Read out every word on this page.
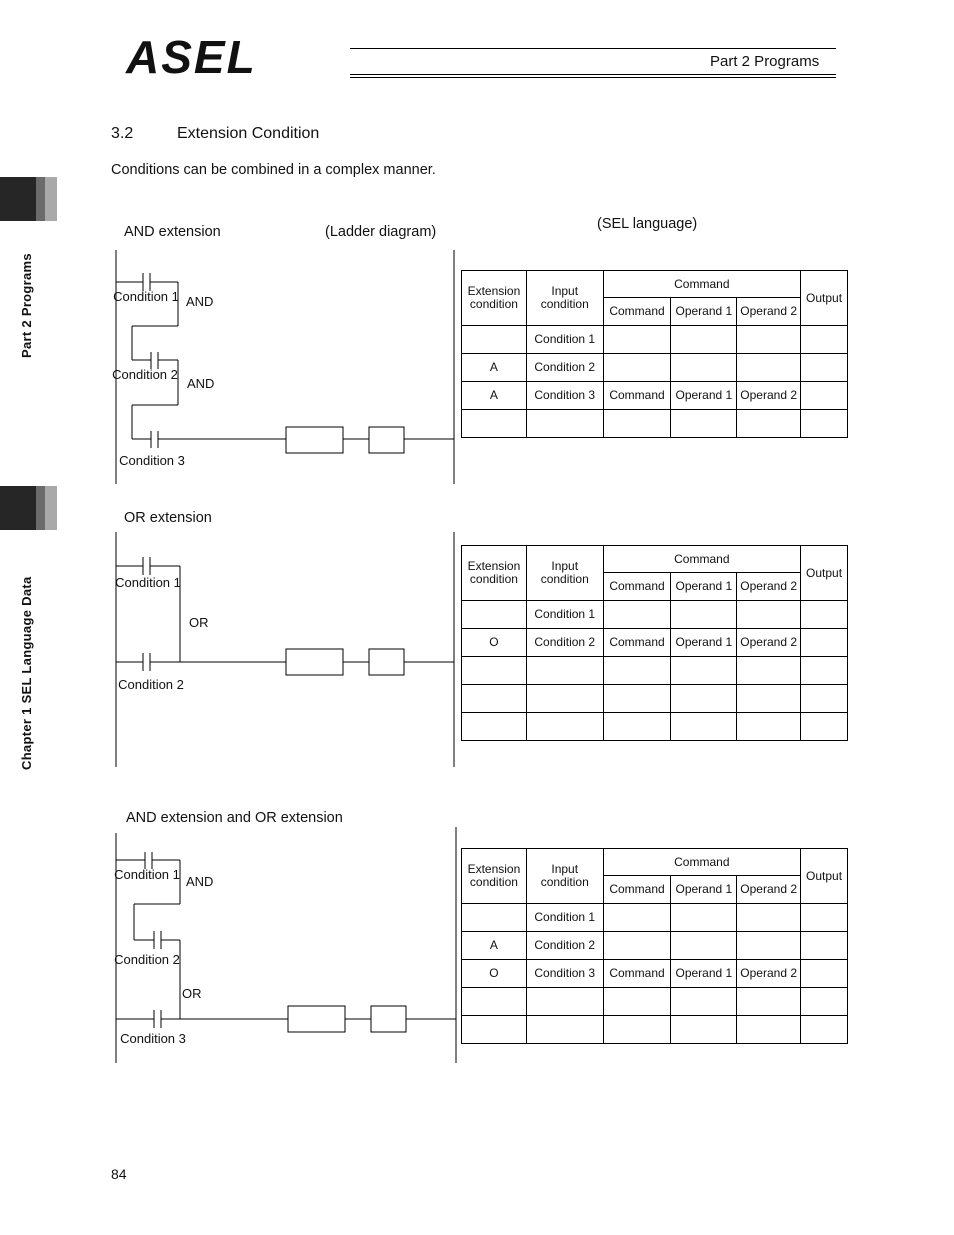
ASEL	Part 2 Programs
Part 2 Programs
Chapter 1 SEL Language Data
3.2	Extension Condition
Conditions can be combined in a complex manner.
(Ladder diagram)	(SEL language)
AND extension
Condition 1 AND
Condition 2
AND
Condition 3
OR extension
Condition 1
OR
Condition 2
AND extension and OR extension
Condition 1 AND
Condition 2
OR
Condition 3
Extension condition	Input condition	Command			Output
		Command	Operand 1	Operand 2	
	Condition 1				
A	Condition 2				
A	Condition 3	Command	Operand 1	Operand 2	

Extension condition	Input condition	Command			Output
		Command	Operand 1	Operand 2	
	Condition 1				
O	Condition 2	Command	Operand 1	Operand 2	

Extension condition	Input condition	Command			Output
		Command	Operand 1	Operand 2	
	Condition 1				
A	Condition 2				
O	Condition 3	Command	Operand 1	Operand 2	

84
